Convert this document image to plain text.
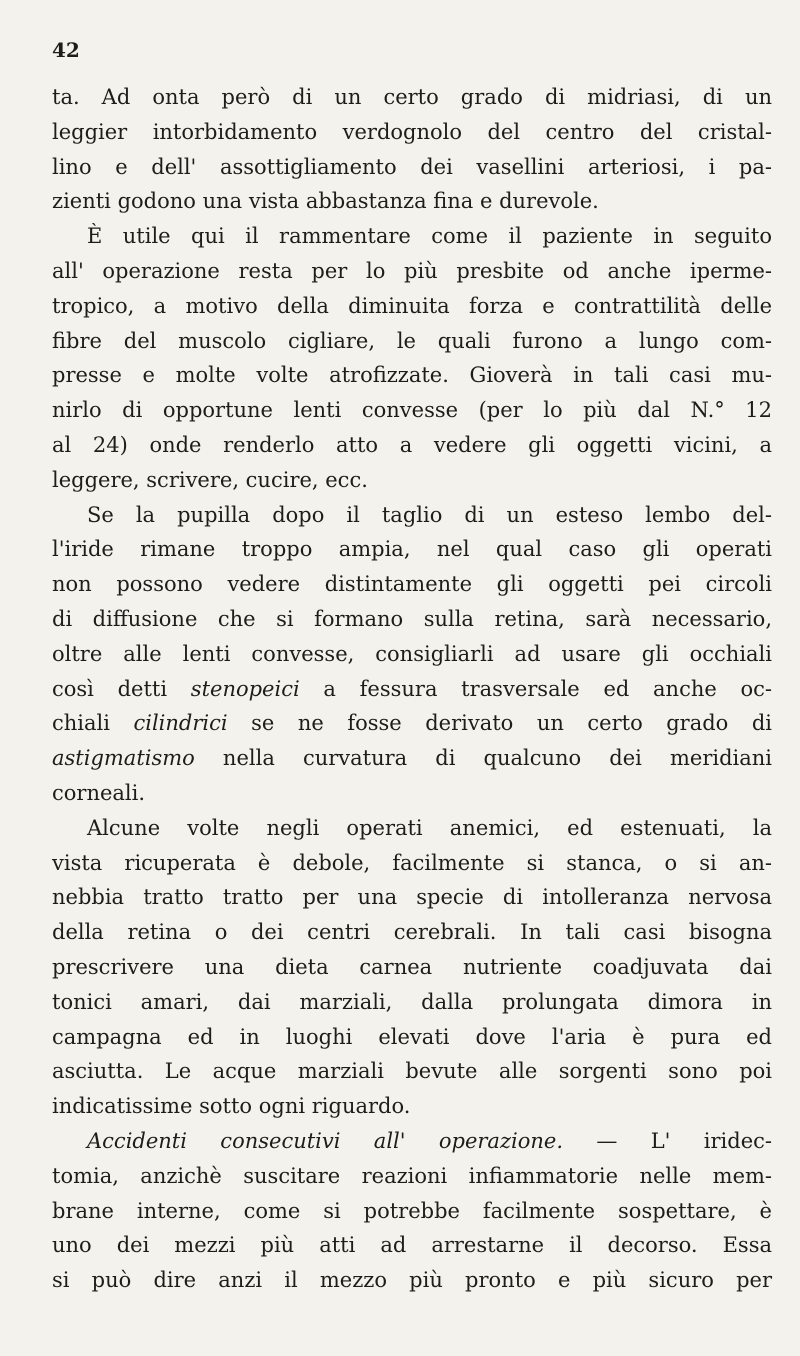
42
ta. Ad onta però di un certo grado di midriasi, di un
leggier intorbidamento verdognolo del centro del cristal-
lino e dell' assottigliamento dei vasellini arteriosi, i pa-
zienti godono una vista abbastanza fina e durevole.
È utile qui il rammentare come il paziente in seguito
all' operazione resta per lo più presbite od anche iperme-
tropico, a motivo della diminuita forza e contrattilità delle
fibre del muscolo cigliare, le quali furono a lungo com-
presse e molte volte atrofizzate. Gioverà in tali casi mu-
nirlo di opportune lenti convesse (per lo più dal N.° 12
al 24) onde renderlo atto a vedere gli oggetti vicini, a
leggere, scrivere, cucire, ecc.
Se la pupilla dopo il taglio di un esteso lembo del-
l'iride rimane troppo ampia, nel qual caso gli operati
non possono vedere distintamente gli oggetti pei circoli
di diffusione che si formano sulla retina, sarà necessario,
oltre alle lenti convesse, consigliarli ad usare gli occhiali
così detti stenopeici a fessura trasversale ed anche oc-
chiali cilindrici se ne fosse derivato un certo grado di
astigmatismo nella curvatura di qualcuno dei meridiani
corneali.
Alcune volte negli operati anemici, ed estenuati, la
vista ricuperata è debole, facilmente si stanca, o si an-
nebbia tratto tratto per una specie di intolleranza nervosa
della retina o dei centri cerebrali. In tali casi bisogna
prescrivere una dieta carnea nutriente coadjuvata dai
tonici amari, dai marziali, dalla prolungata dimora in
campagna ed in luoghi elevati dove l'aria è pura ed
asciutta. Le acque marziali bevute alle sorgenti sono poi
indicatissime sotto ogni riguardo.
Accidenti consecutivi all' operazione. — L' iridec-
tomia, anzichè suscitare reazioni infiammatorie nelle mem-
brane interne, come si potrebbe facilmente sospettare, è
uno dei mezzi più atti ad arrestarne il decorso. Essa
si può dire anzi il mezzo più pronto e più sicuro per
